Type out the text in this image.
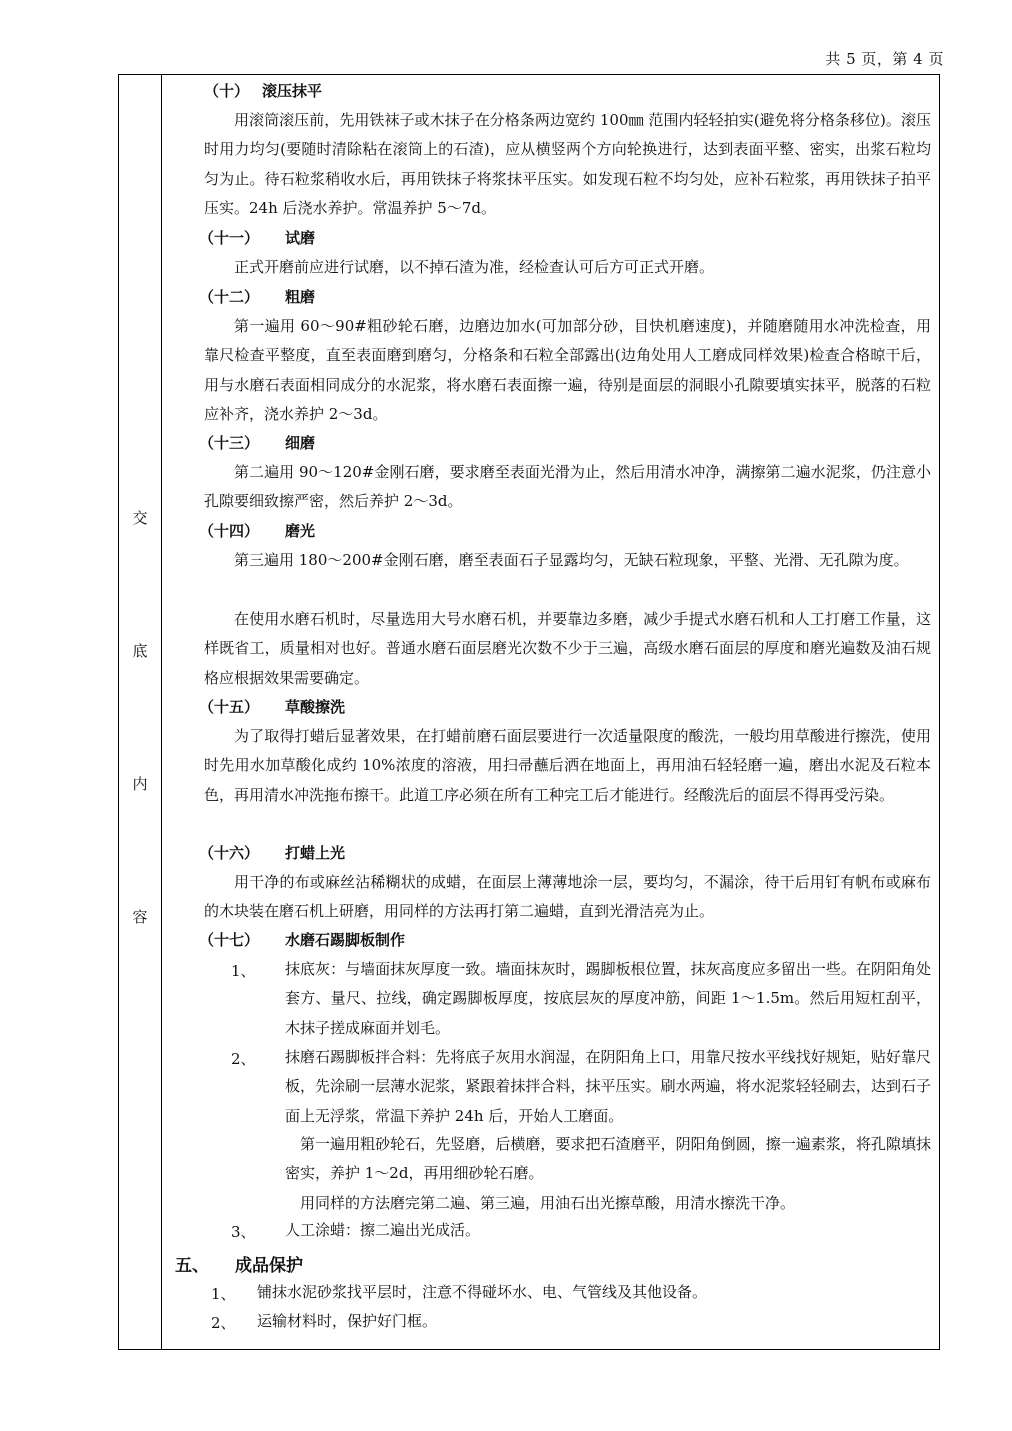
共 5 页，第 4 页
交
底
内
容
（十） 滚压抹平

用滚筒滚压前，先用铁袜子或木抹子在分格条两边宽约 100㎜ 范围内轻轻拍实(避免将分格条移位)。滚压时用力均匀(要随时清除粘在滚筒上的石渣)，应从横竖两个方向轮换进行，达到表面平整、密实，出浆石粒均匀为止。待石粒浆稍收水后，再用铁抹子将浆抹平压实。如发现石粒不均匀处，应补石粒浆，再用铁抹子拍平压实。24h 后浇水养护。常温养护 5～7d。

（十一） 试磨

正式开磨前应进行试磨，以不掉石渣为准，经检查认可后方可正式开磨。

（十二） 粗磨

第一遍用 60～90#粗砂轮石磨，边磨边加水(可加部分砂，目快机磨速度)，并随磨随用水冲洗检查，用靠尺检查平整度，直至表面磨到磨匀，分格条和石粒全部露出(边角处用人工磨成同样效果)检查合格晾干后，用与水磨石表面相同成分的水泥浆，将水磨石表面擦一遍，待别是面层的洞眼小孔隙要填实抹平，脱落的石粒应补齐，浇水养护 2～3d。

（十三） 细磨

第二遍用 90～120#金刚石磨，要求磨至表面光滑为止，然后用清水冲净，满擦第二遍水泥浆，仍注意小孔隙要细致擦严密，然后养护 2～3d。

（十四） 磨光

第三遍用 180～200#金刚石磨，磨至表面石子显露均匀，无缺石粒现象，平整、光滑、无孔隙为度。

在使用水磨石机时，尽量选用大号水磨石机，并要靠边多磨，减少手提式水磨石机和人工打磨工作量，这样既省工，质量相对也好。普通水磨石面层磨光次数不少于三遍，高级水磨石面层的厚度和磨光遍数及油石规格应根据效果需要确定。

（十五） 草酸擦洗

为了取得打蜡后显著效果，在打蜡前磨石面层要进行一次适量限度的酸洗，一般均用草酸进行擦洗，使用时先用水加草酸化成约 10%浓度的溶液，用扫帚蘸后洒在地面上，再用油石轻轻磨一遍，磨出水泥及石粒本色，再用清水冲洗拖布擦干。此道工序必须在所有工种完工后才能进行。经酸洗后的面层不得再受污染。

（十六） 打蜡上光

用干净的布或麻丝沾稀糊状的成蜡，在面层上薄薄地涂一层，要均匀，不漏涂，待干后用钉有帆布或麻布的木块装在磨石机上研磨，用同样的方法再打第二遍蜡，直到光滑洁亮为止。

（十七） 水磨石踢脚板制作
1、 抹底灰：与墙面抹灰厚度一致。墙面抹灰时，踢脚板根位置，抹灰高度应多留出一些。在阴阳角处套方、量尺、拉线，确定踢脚板厚度，按底层灰的厚度冲筋，间距 1～1.5m。然后用短杠刮平，木抹子搓成麻面并划毛。

2、 抹磨石踢脚板拌合料：先将底子灰用水润湿，在阴阳角上口，用靠尺按水平线找好规矩，贴好靠尺板，先涂刷一层薄水泥浆，紧跟着抹拌合料，抹平压实。刷水两遍，将水泥浆轻轻刷去，达到石子面上无浮浆，常温下养护 24h 后，开始人工磨面。

第一遍用粗砂轮石，先竖磨，后横磨，要求把石渣磨平，阴阳角倒圆，擦一遍素浆，将孔隙填抹密实，养护 1～2d，再用细砂轮石磨。

用同样的方法磨完第二遍、第三遍，用油石出光擦草酸，用清水擦洗干净。

3、 人工涂蜡：擦二遍出光成活。

五、 成品保护
1、 铺抹水泥砂浆找平层时，注意不得碰坏水、电、气管线及其他设备。

2、 运输材料时，保护好门框。
